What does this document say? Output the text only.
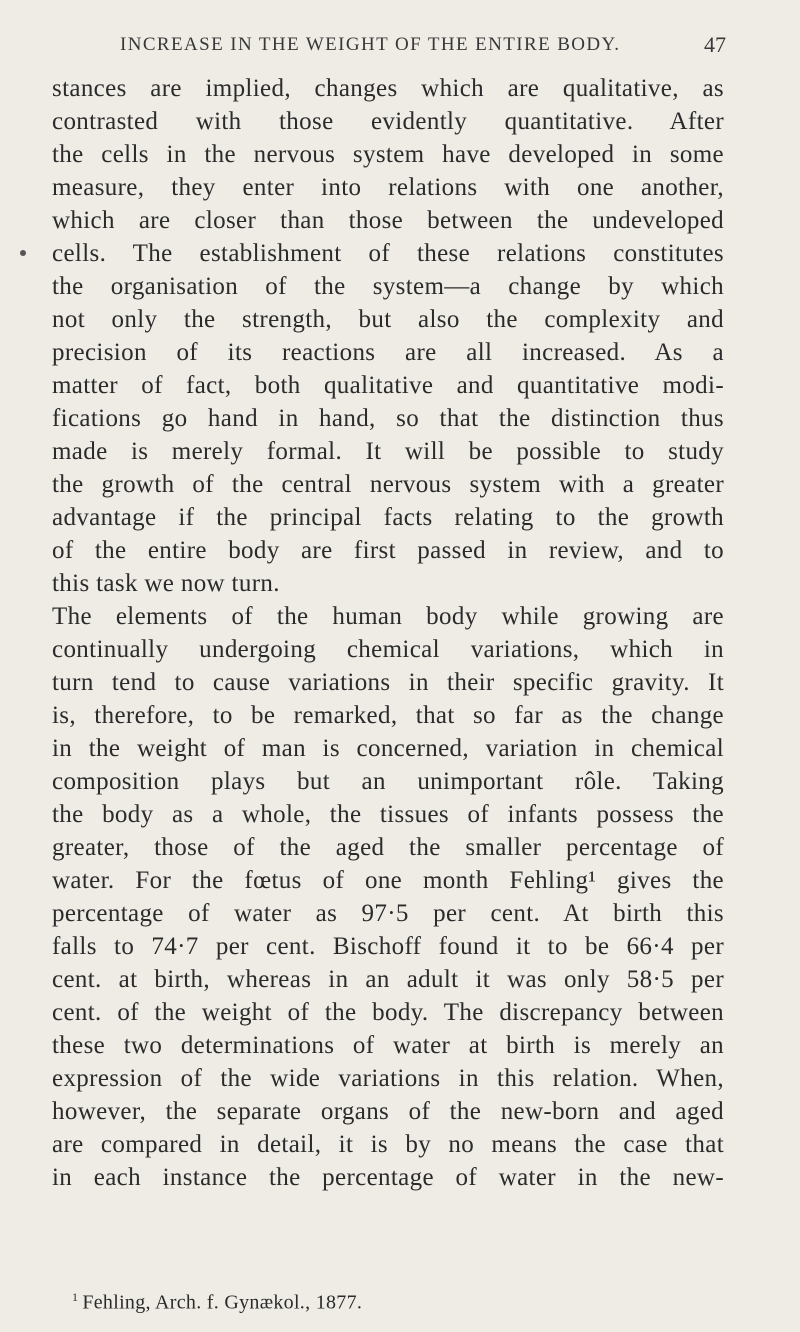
INCREASE IN THE WEIGHT OF THE ENTIRE BODY.	47
stances are implied, changes which are qualitative, as
contrasted with those evidently quantitative. After
the cells in the nervous system have developed in some
measure, they enter into relations with one another,
which are closer than those between the undeveloped
cells. The establishment of these relations constitutes
the organisation of the system—a change by which
not only the strength, but also the complexity and
precision of its reactions are all increased. As a
matter of fact, both qualitative and quantitative modi-
fications go hand in hand, so that the distinction thus
made is merely formal. It will be possible to study
the growth of the central nervous system with a greater
advantage if the principal facts relating to the growth
of the entire body are first passed in review, and to
this task we now turn.
The elements of the human body while growing are
continually undergoing chemical variations, which in
turn tend to cause variations in their specific gravity. It
is, therefore, to be remarked, that so far as the change
in the weight of man is concerned, variation in chemical
composition plays but an unimportant rôle. Taking
the body as a whole, the tissues of infants possess the
greater, those of the aged the smaller percentage of
water. For the fœtus of one month Fehling¹ gives the
percentage of water as 97·5 per cent. At birth this
falls to 74·7 per cent. Bischoff found it to be 66·4 per
cent. at birth, whereas in an adult it was only 58·5 per
cent. of the weight of the body. The discrepancy between
these two determinations of water at birth is merely an
expression of the wide variations in this relation. When,
however, the separate organs of the new-born and aged
are compared in detail, it is by no means the case that
in each instance the percentage of water in the new-
$^1$ Fehling, Arch. f. Gynækol., 1877.
